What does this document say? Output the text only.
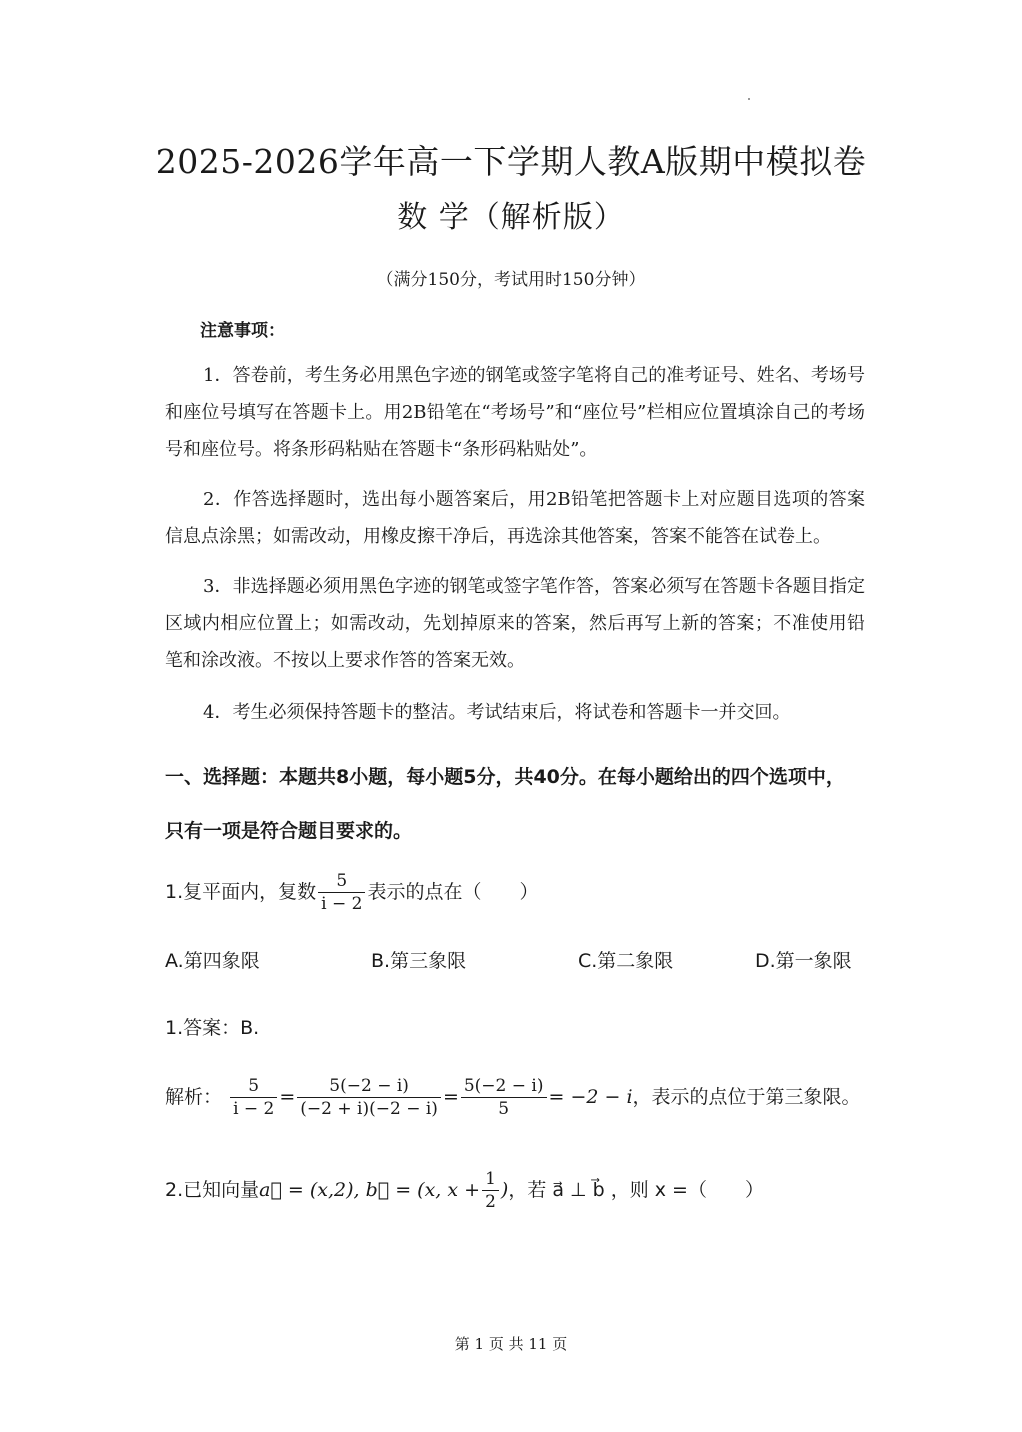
2025-2026学年高一下学期人教A版期中模拟卷
数 学（解析版）
（满分150分，考试用时150分钟）
注意事项：
1．答卷前，考生务必用黑色字迹的钢笔或签字笔将自己的准考证号、姓名、考场号和座位号填写在答题卡上。用2B铅笔在“考场号”和“座位号”栏相应位置填涂自己的考场号和座位号。将条形码粘贴在答题卡“条形码粘贴处”。
2．作答选择题时，选出每小题答案后，用2B铅笔把答题卡上对应题目选项的答案信息点涂黑；如需改动，用橡皮擦干净后，再选涂其他答案，答案不能答在试卷上。
3．非选择题必须用黑色字迹的钢笔或签字笔作答，答案必须写在答题卡各题目指定区域内相应位置上；如需改动，先划掉原来的答案，然后再写上新的答案；不准使用铅笔和涂改液。不按以上要求作答的答案无效。
4．考生必须保持答题卡的整洁。考试结束后，将试卷和答题卡一并交回。
一、选择题：本题共8小题，每小题5分，共40分。在每小题给出的四个选项中，只有一项是符合题目要求的。
1.复平面内，复数 $\frac{5}{i - 2}$ 表示的点在（　　）
A.第四象限	B.第三象限	C.第二象限	D.第一象限
1.答案：B.
解析： $\frac{5}{i - 2} = \frac{5(-2 - i)}{(-2 + i)(-2 - i)} = \frac{5(-2 - i)}{5} = -2 - i$，表示的点位于第三象限。
2.已知向量a⃗ = (x,2), b⃗ = (x, $x + \frac{1}{2}$ )，若 a⃗ ⊥ b⃗ ，则 x =（　　）
第 1 页 共 11 页
